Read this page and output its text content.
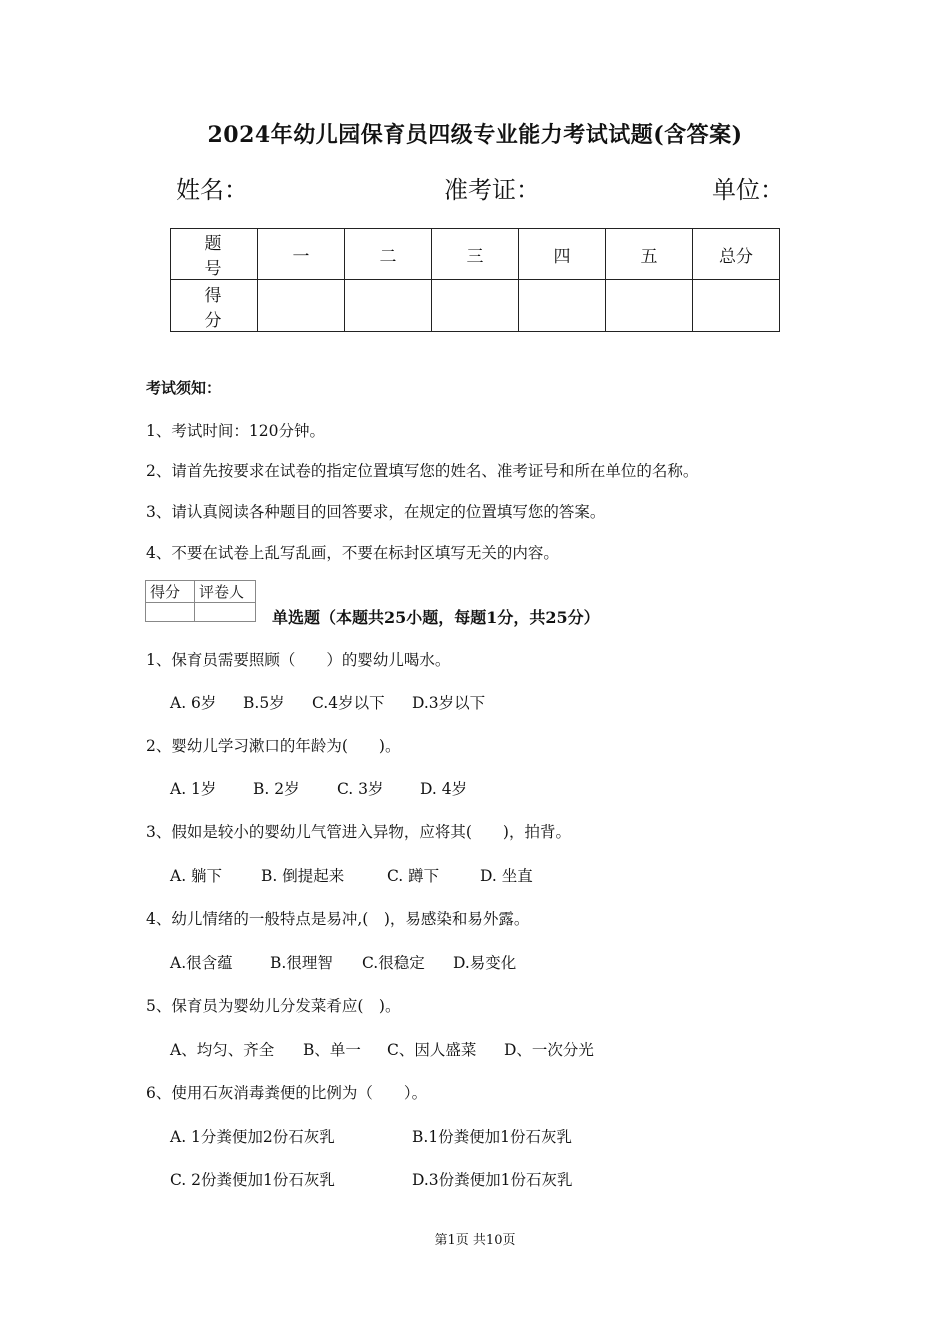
2024年幼儿园保育员四级专业能力考试试题(含答案)
姓名：	准考证：	单位：
题号	一	二	三	四	五	总分
得分						
考试须知：
1、考试时间：120分钟。
2、请首先按要求在试卷的指定位置填写您的姓名、准考证号和所在单位的名称。
3、请认真阅读各种题目的回答要求，在规定的位置填写您的答案。
4、不要在试卷上乱写乱画，不要在标封区填写无关的内容。
得分	评卷人

单选题（本题共25小题，每题1分，共25分）
1、保育员需要照顾（　　）的婴幼儿喝水。
A. 6岁 B.5岁 C.4岁以下 D.3岁以下
2、婴幼儿学习漱口的年龄为(　　)。
A. 1岁 B. 2岁 C. 3岁 D. 4岁
3、假如是较小的婴幼儿气管进入异物，应将其(　　)，拍背。
A. 躺下	B. 倒提起来	C. 蹲下	D. 坐直
4、幼儿情绪的一般特点是易冲,(　)，易感染和易外露。
A.很含蕴 B.很理智 C.很稳定 D.易变化
5、保育员为婴幼儿分发菜肴应(　)。
A、均匀、齐全 B、单一 C、因人盛菜 D、一次分光
6、使用石灰消毒粪便的比例为（　　）。
A. 1分粪便加2份石灰乳	B.1份粪便加1份石灰乳
C. 2份粪便加1份石灰乳	D.3份粪便加1份石灰乳
第1页 共10页
